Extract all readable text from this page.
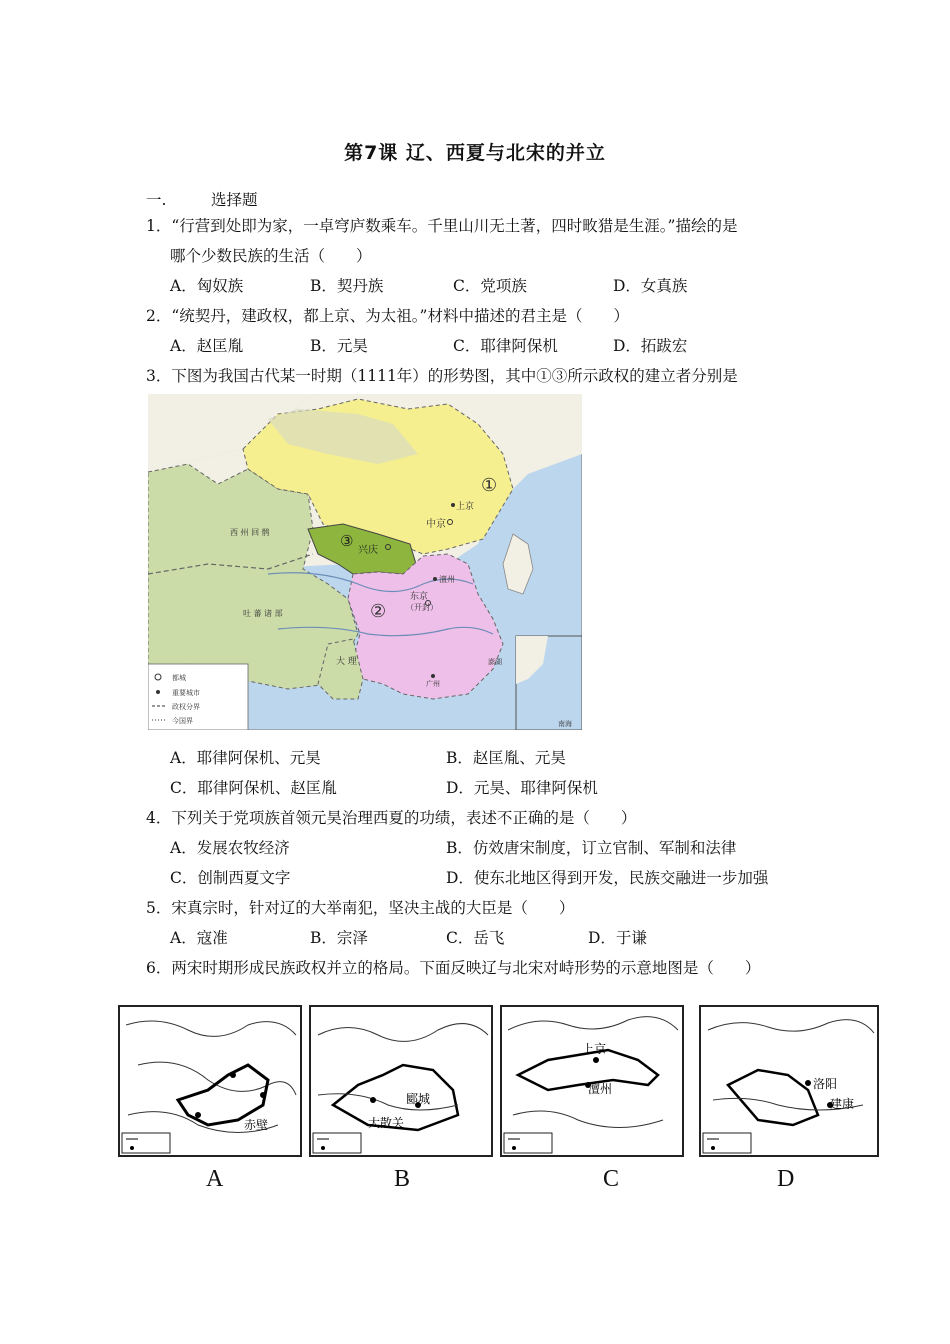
第7课 辽、西夏与北宋的并立
一.	选择题
1．“行营到处即为家，一卓穹庐数乘车。千里山川无土著，四时畋猎是生涯。”描绘的是
哪个少数民族的生活（　　）
A．匈奴族	B．契丹族	C．党项族	D．女真族
2．“统契丹，建政权，都上京、为太祖。”材料中描述的君主是（　　）
A．赵匡胤	B．元昊	C．耶律阿保机	D．拓跋宏
3．下图为我国古代某一时期（1111年）的形势图，其中①③所示政权的建立者分别是
都城
重要城市
政权分界
今国界
①
②
③
上京
中京
兴庆
东京
（开封）
澶州
西 州 回 鹘
吐 蕃 诸 部
大 理
广州
南海
澎湖
A．耶律阿保机、元昊	B．赵匡胤、元昊
C．耶律阿保机、赵匡胤	D．元昊、耶律阿保机
4．下列关于党项族首领元昊治理西夏的功绩，表述不正确的是（　　）
A．发展农牧经济	B．仿效唐宋制度，订立官制、军制和法律
C．创制西夏文字	D．使东北地区得到开发，民族交融进一步加强
5．宋真宗时，针对辽的大举南犯，坚决主战的大臣是（　　）
A．寇准	B．宗泽	C．岳飞	D．于谦
6．两宋时期形成民族政权并立的格局。下面反映辽与北宋对峙形势的示意地图是（　　）
赤壁
郾城
大散关
上京
澶州	洛阳
建康
A	B	C	D
